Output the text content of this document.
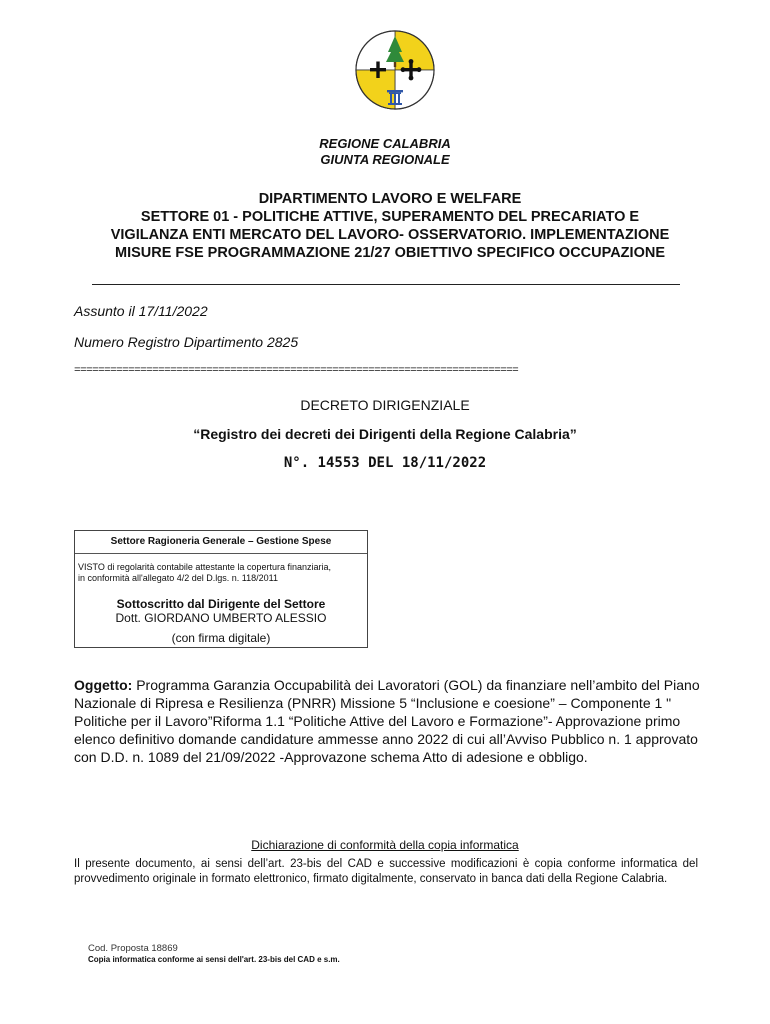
REGIONE CALABRIA
GIUNTA REGIONALE
DIPARTIMENTO LAVORO E WELFARE
SETTORE 01 - POLITICHE ATTIVE, SUPERAMENTO DEL PRECARIATO E
VIGILANZA ENTI MERCATO DEL LAVORO- OSSERVATORIO. IMPLEMENTAZIONE
MISURE FSE PROGRAMMAZIONE 21/27 OBIETTIVO SPECIFICO OCCUPAZIONE
Assunto il 17/11/2022
Numero Registro Dipartimento 2825
==========================================================================
DECRETO DIRIGENZIALE
“Registro dei decreti dei Dirigenti della Regione Calabria”
N°. 14553 DEL 18/11/2022
Settore Ragioneria Generale – Gestione Spese
VISTO di regolarità contabile attestante la copertura finanziaria,
in conformità all'allegato 4/2 del D.lgs. n. 118/2011
Sottoscritto dal Dirigente del Settore
Dott. GIORDANO UMBERTO ALESSIO
(con firma digitale)
Oggetto: Programma Garanzia Occupabilità dei Lavoratori (GOL) da finanziare nell’ambito del Piano Nazionale di Ripresa e Resilienza (PNRR) Missione 5 “Inclusione e coesione” – Componente 1 " Politiche per il Lavoro”Riforma 1.1 “Politiche Attive del Lavoro e Formazione”- Approvazione primo elenco definitivo domande candidature ammesse anno 2022 di cui all’Avviso Pubblico n. 1 approvato con D.D. n. 1089 del 21/09/2022 -Approvazone schema Atto di adesione e obbligo.
Dichiarazione di conformità della copia informatica
Il presente documento, ai sensi dell’art. 23-bis del CAD e successive modificazioni è copia conforme informatica del provvedimento originale in formato elettronico, firmato digitalmente, conservato in banca dati della Regione Calabria.
Cod. Proposta 18869
Copia informatica conforme ai sensi dell'art. 23-bis del CAD e s.m.
